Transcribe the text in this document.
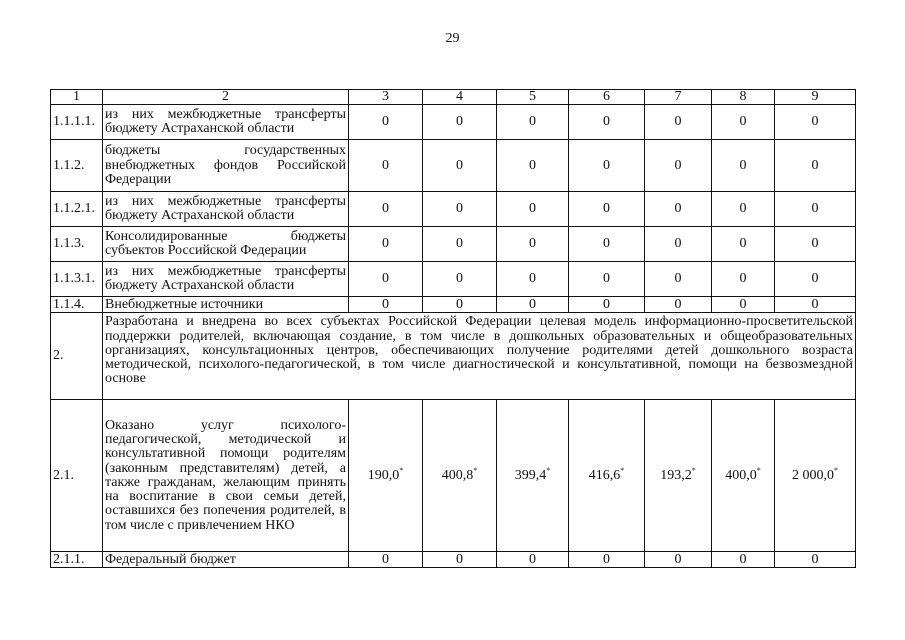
29
1	2	3	4	5	6	7	8	9
1.1.1.1.	из них межбюджетные трансферты бюджету Астраханской области	0	0	0	0	0	0	0
1.1.2.	бюджеты государственных внебюджетных фондов Российской Федерации	0	0	0	0	0	0	0
1.1.2.1.	из них межбюджетные трансферты бюджету Астраханской области	0	0	0	0	0	0	0
1.1.3.	Консолидированные бюджеты субъектов Российской Федерации	0	0	0	0	0	0	0
1.1.3.1.	из них межбюджетные трансферты бюджету Астраханской области	0	0	0	0	0	0	0
1.1.4.	Внебюджетные источники	0	0	0	0	0	0	0
2.	Разработана и внедрена во всех субъектах Российской Федерации целевая модель информационно-просветительской поддержки родителей, включающая создание, в том числе в дошкольных образовательных и общеобразовательных организациях, консультационных центров, обеспечивающих получение родителями детей дошкольного возраста методической, психолого-педагогической, в том числе диагностической и консультативной, помощи на безвозмездной основе							
2.1.	Оказано услуг психолого-педагогической, методической и консультативной помощи родителям (законным представителям) детей, а также гражданам, желающим принять на воспитание в свои семьи детей, оставшихся без попечения родителей, в том числе с привлечением НКО	190,0*	400,8*	399,4*	416,6*	193,2*	400,0*	2 000,0*
2.1.1.	Федеральный бюджет	0	0	0	0	0	0	0
